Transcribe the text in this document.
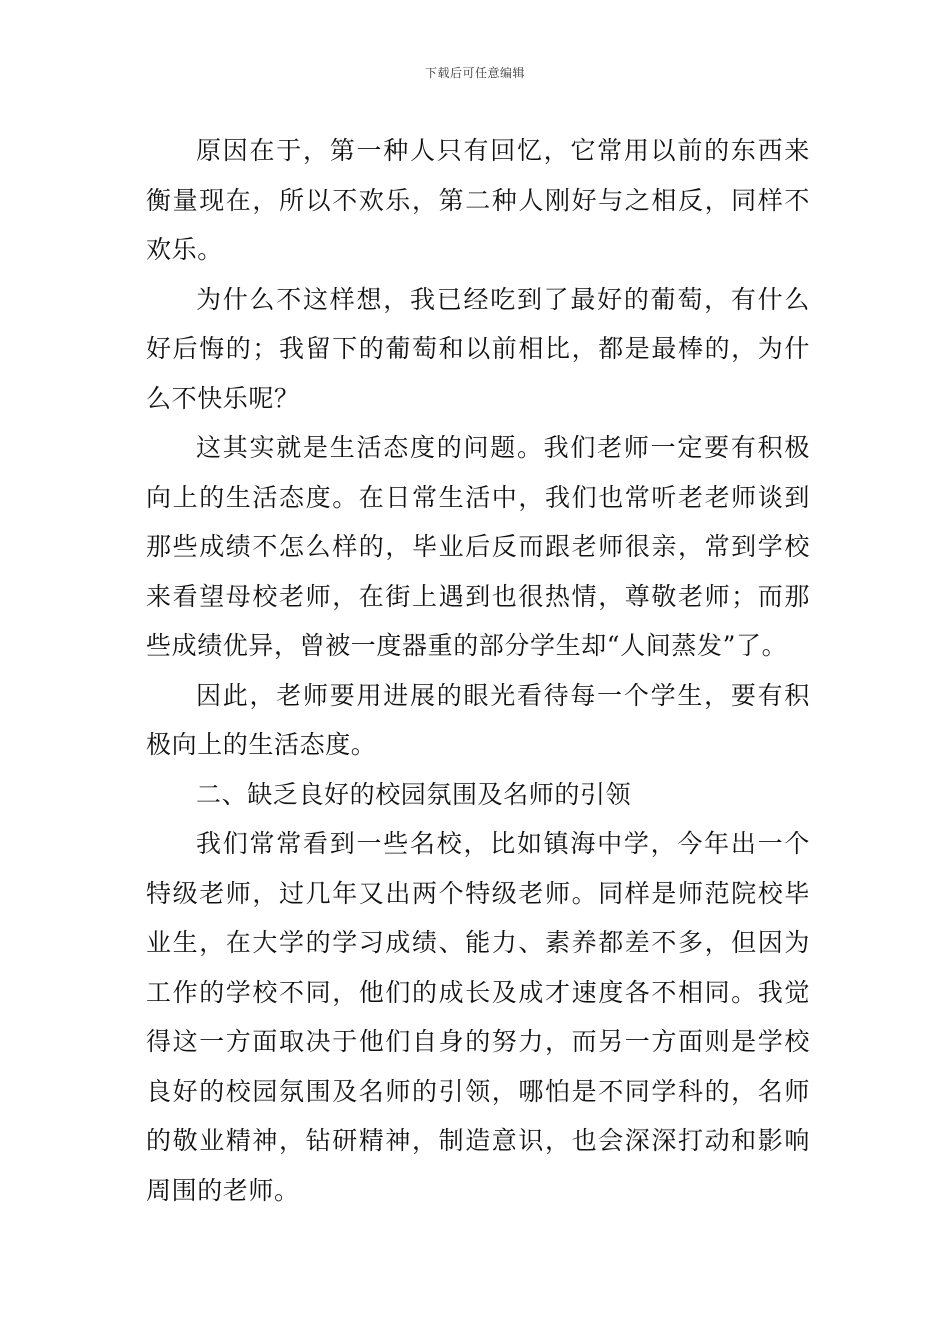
下载后可任意编辑

原因在于，第一种人只有回忆，它常用以前的东西来衡量现在，所以不欢乐，第二种人刚好与之相反，同样不欢乐。

为什么不这样想，我已经吃到了最好的葡萄，有什么好后悔的；我留下的葡萄和以前相比，都是最棒的，为什么不快乐呢？

这其实就是生活态度的问题。我们老师一定要有积极向上的生活态度。在日常生活中，我们也常听老老师谈到那些成绩不怎么样的，毕业后反而跟老师很亲，常到学校来看望母校老师，在街上遇到也很热情，尊敬老师；而那些成绩优异，曾被一度器重的部分学生却“人间蒸发”了。

因此，老师要用进展的眼光看待每一个学生，要有积极向上的生活态度。

二、缺乏良好的校园氛围及名师的引领

我们常常看到一些名校，比如镇海中学，今年出一个特级老师，过几年又出两个特级老师。同样是师范院校毕业生，在大学的学习成绩、能力、素养都差不多，但因为工作的学校不同，他们的成长及成才速度各不相同。我觉得这一方面取决于他们自身的努力，而另一方面则是学校良好的校园氛围及名师的引领，哪怕是不同学科的，名师的敬业精神，钻研精神，制造意识，也会深深打动和影响周围的老师。
